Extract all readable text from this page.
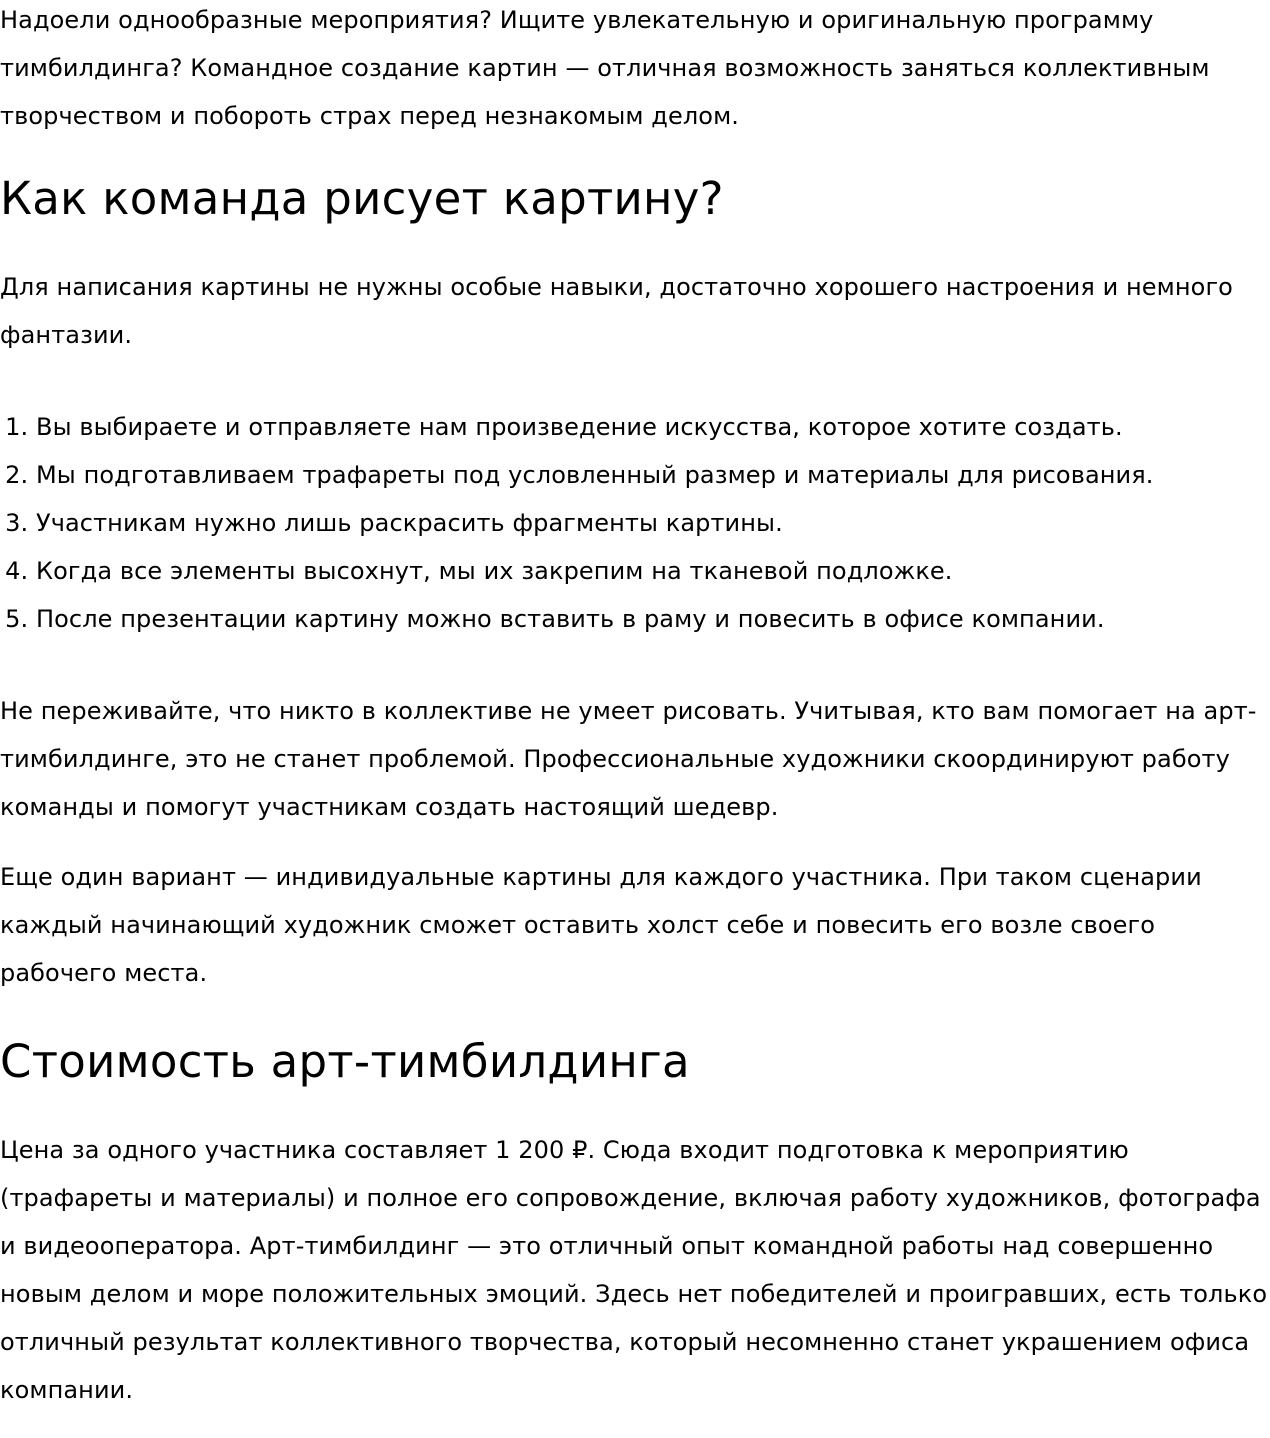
Надоели однообразные мероприятия? Ищите увлекательную и оригинальную программу тимбилдинга? Командное создание картин — отличная возможность заняться коллективным творчеством и побороть страх перед незнакомым делом.

Как команда рисует картину?

Для написания картины не нужны особые навыки, достаточно хорошего настроения и немного фантазии.

1. Вы выбираете и отправляете нам произведение искусства, которое хотите создать.
2. Мы подготавливаем трафареты под условленный размер и материалы для рисования.
3. Участникам нужно лишь раскрасить фрагменты картины.
4. Когда все элементы высохнут, мы их закрепим на тканевой подложке.
5. После презентации картину можно вставить в раму и повесить в офисе компании.

Не переживайте, что никто в коллективе не умеет рисовать. Учитывая, кто вам помогает на арт-тимбилдинге, это не станет проблемой. Профессиональные художники скоординируют работу команды и помогут участникам создать настоящий шедевр.

Еще один вариант — индивидуальные картины для каждого участника. При таком сценарии каждый начинающий художник сможет оставить холст себе и повесить его возле своего рабочего места.

Стоимость арт-тимбилдинга

Цена за одного участника составляет 1 200 ₽. Сюда входит подготовка к мероприятию (трафареты и материалы) и полное его сопровождение, включая работу художников, фотографа и видеооператора. Арт-тимбилдинг — это отличный опыт командной работы над совершенно новым делом и море положительных эмоций. Здесь нет победителей и проигравших, есть только отличный результат коллективного творчества, который несомненно станет украшением офиса компании.
